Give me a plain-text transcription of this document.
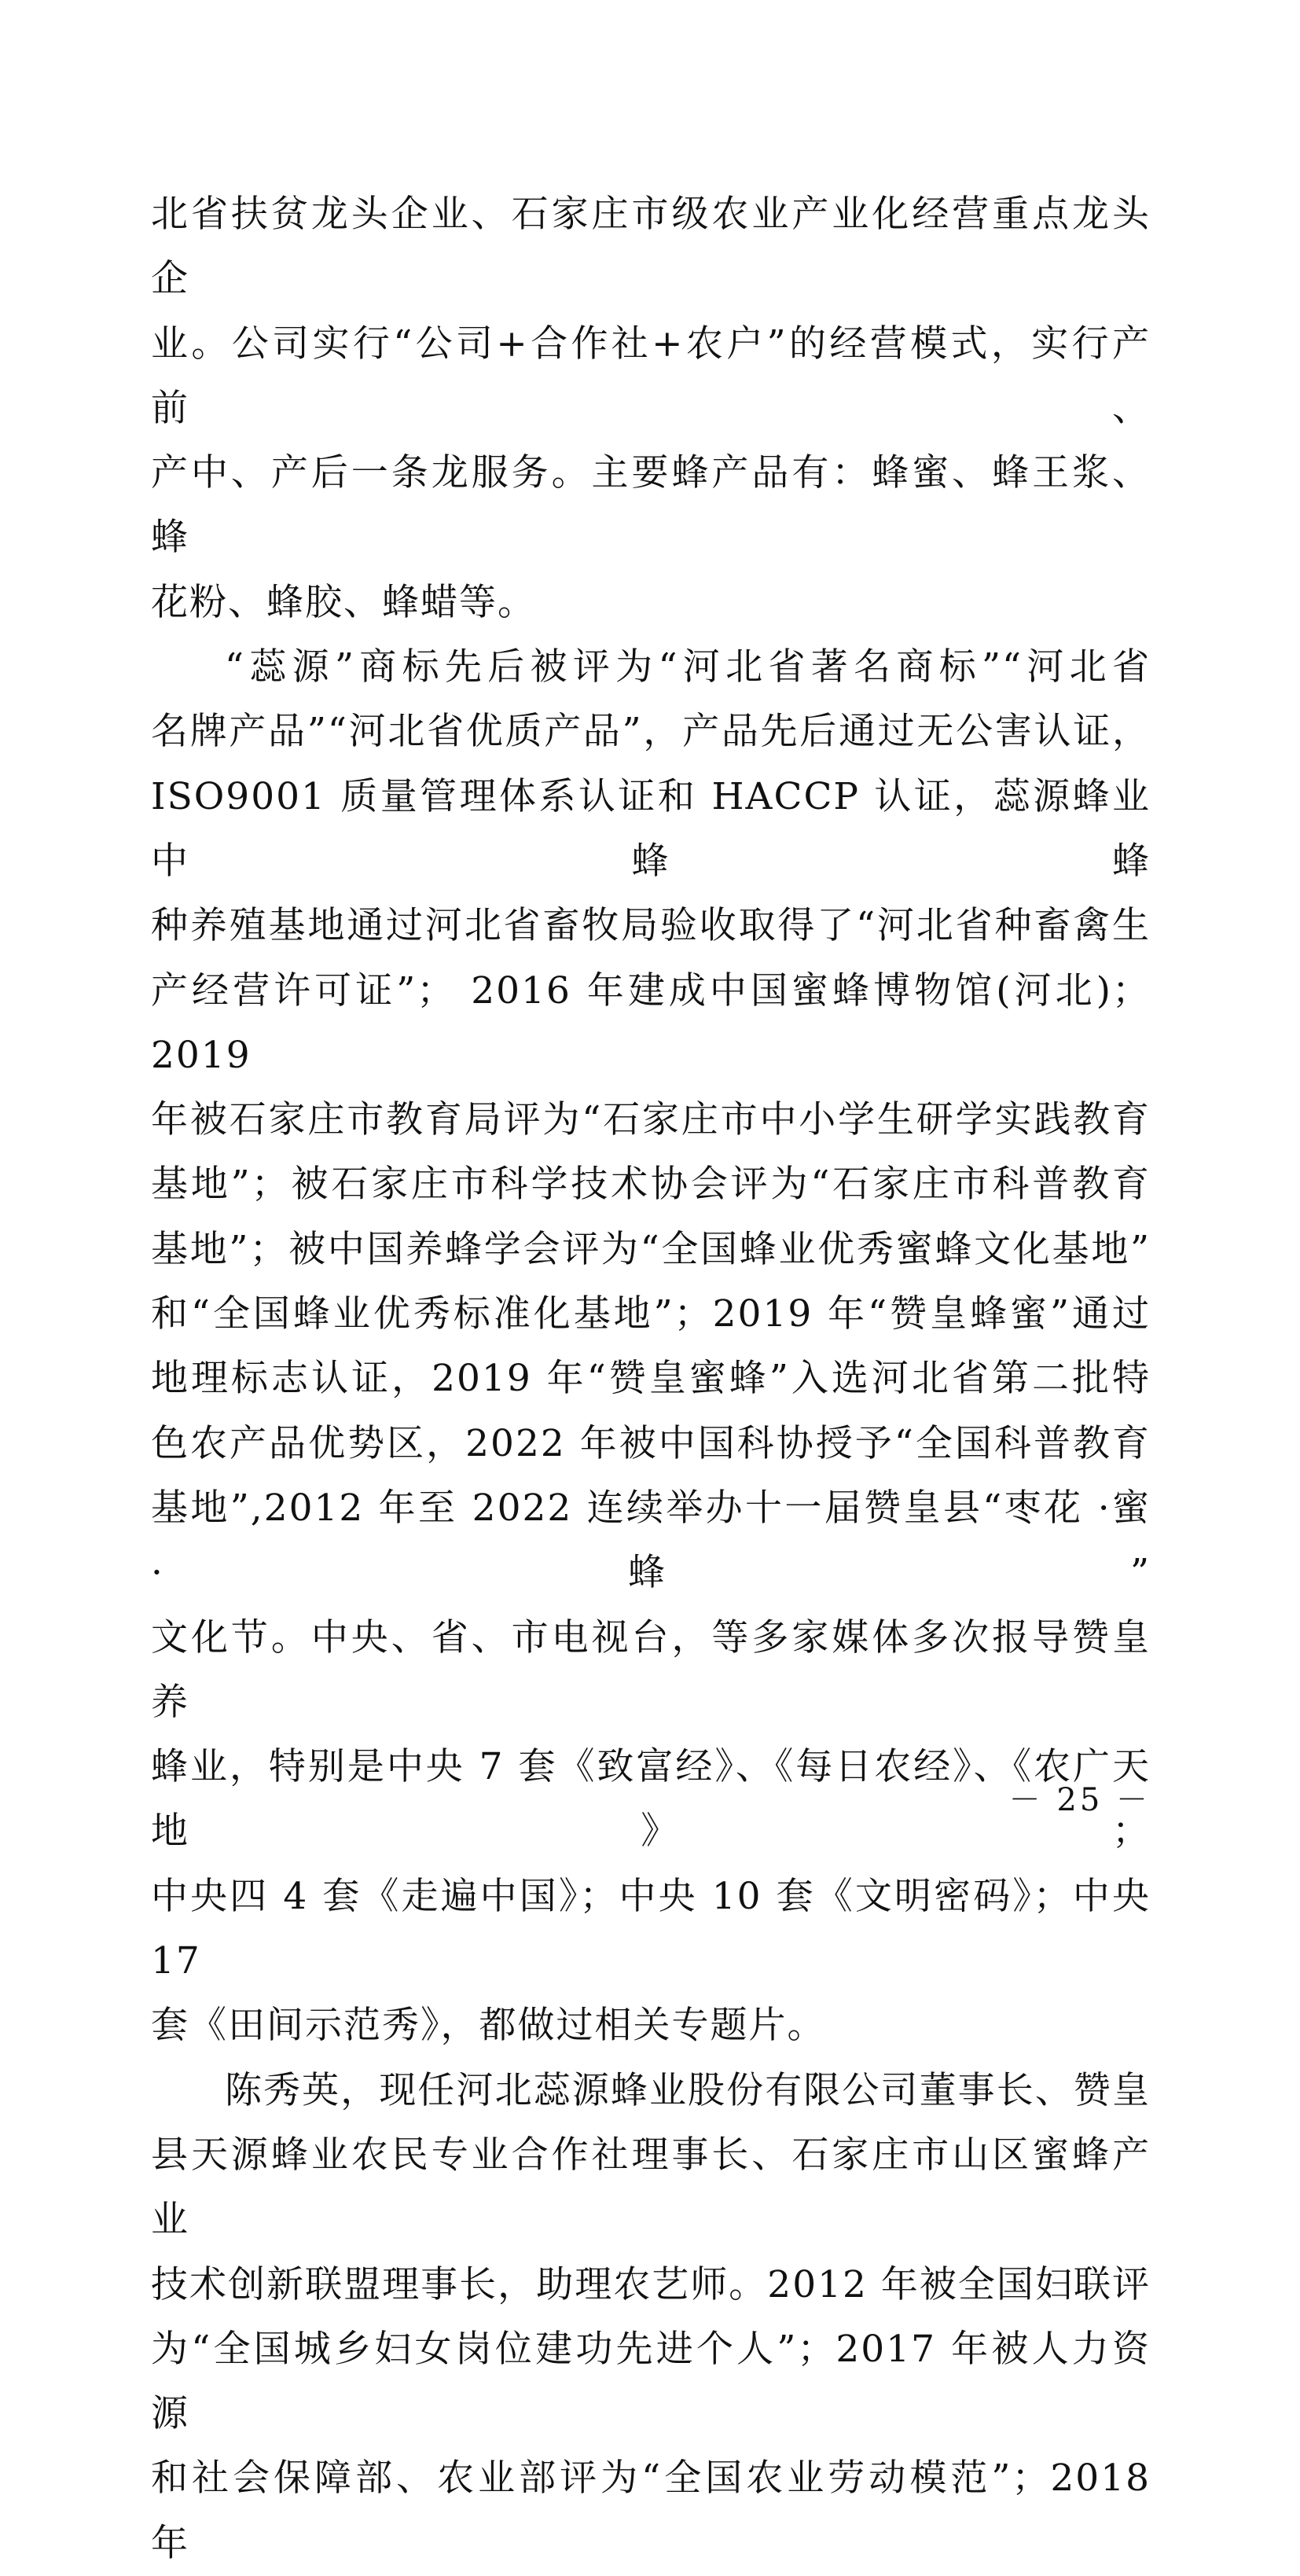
北省扶贫龙头企业、石家庄市级农业产业化经营重点龙头企

业。公司实行“公司+合作社+农户”的经营模式，实行产前、

产中、产后一条龙服务。主要蜂产品有：蜂蜜、蜂王浆、蜂

花粉、蜂胶、蜂蜡等。

“蕊源”商标先后被评为“河北省著名商标”“河北省

名牌产品”“河北省优质产品”，产品先后通过无公害认证，

ISO9001 质量管理体系认证和 HACCP 认证，蕊源蜂业中蜂蜂

种养殖基地通过河北省畜牧局验收取得了“河北省种畜禽生

产经营许可证”； 2016 年建成中国蜜蜂博物馆(河北)；2019

年被石家庄市教育局评为“石家庄市中小学生研学实践教育

基地”；被石家庄市科学技术协会评为“石家庄市科普教育

基地”；被中国养蜂学会评为“全国蜂业优秀蜜蜂文化基地”

和“全国蜂业优秀标准化基地”；2019 年“赞皇蜂蜜”通过

地理标志认证，2019 年“赞皇蜜蜂”入选河北省第二批特

色农产品优势区，2022 年被中国科协授予“全国科普教育

基地”,2012 年至 2022 连续举办十一届赞皇县“枣花 ·蜜 ·蜂”

文化节。中央、省、市电视台，等多家媒体多次报导赞皇养

蜂业，特别是中央 7 套《致富经》、《每日农经》、《农广天地》；

中央四 4 套《走遍中国》；中央 10 套《文明密码》；中央 17

套《田间示范秀》，都做过相关专题片。

陈秀英，现任河北蕊源蜂业股份有限公司董事长、赞皇

县天源蜂业农民专业合作社理事长、石家庄市山区蜜蜂产业

技术创新联盟理事长，助理农艺师。2012 年被全国妇联评

为“全国城乡妇女岗位建功先进个人”；2017 年被人力资源

和社会保障部、农业部评为“全国农业劳动模范”；2018 年

－ 25 －
